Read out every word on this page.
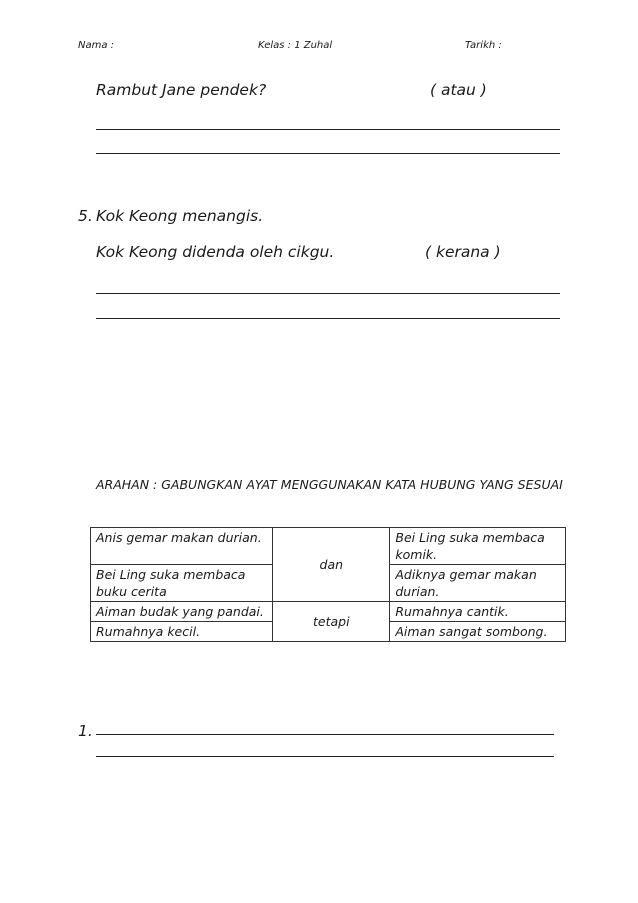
Nama :	Kelas : 1 Zuhal	Tarikh :
Rambut Jane pendek?	( atau )
5. Kok Keong menangis.
Kok Keong didenda oleh cikgu.	( kerana )
ARAHAN : GABUNGKAN AYAT MENGGUNAKAN KATA HUBUNG YANG SESUAI
Anis gemar makan durian.	dan	Bei Ling suka membaca komik.
Bei Ling suka membaca buku cerita		Adiknya gemar makan durian.
Aiman budak yang pandai.	tetapi	Rumahnya cantik.
Rumahnya kecil.		Aiman sangat sombong.
1.
